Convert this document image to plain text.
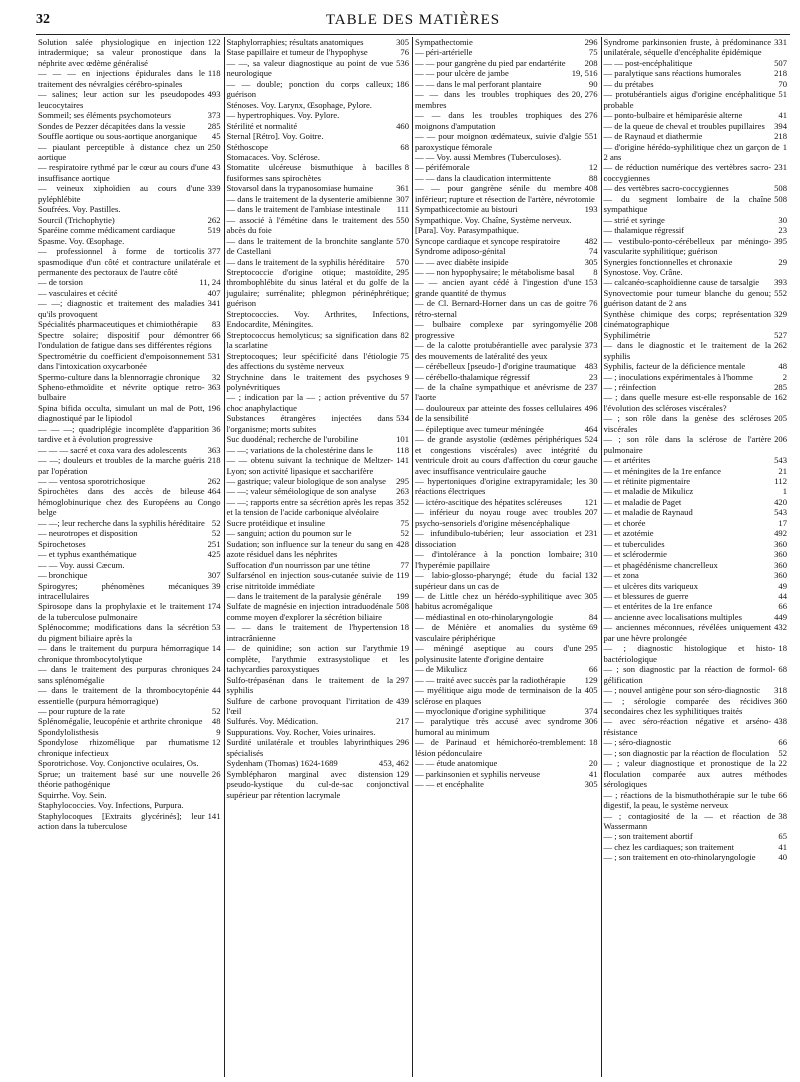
32	TABLE DES MATIÈRES
122
Solution salée physiologique en injection intradermique; sa valeur pronostique dans la néphrite avec œdème généralisé
118
— — — en injections épidurales dans le traitement des névralgies cérébro-spinales
493
— salines; leur action sur les pseudopodes leucocytaires
373
Sommeil; ses éléments psychomoteurs
285
Sondes de Pezzer décapitées dans la vessie
45
Souffle aortique ou sous-aortique anorganique
250
— piaulant perceptible à distance chez un aortique
43
— respiratoire rythmé par le cœur au cours d'une insuffisance aortique
339
— veineux xiphoïdien au cours d'une pyléphlébite
Soufrées. Voy. Pastilles.
262
Sourcil (Trichophytie)
519
Sparéine comme médicament cardiaque
Spasme. Voy. Œsophage.
377
— professionnel à forme de torticolis spasmodique d'un côté et contracture unilatérale et permanente des pectoraux de l'autre côté
11, 24
— de torsion
407
— vasculaires et cécité
341
— —; diagnostic et traitement des maladies qu'ils provoquent
83
Spécialités pharmaceutiques et chimiothérapie
66
Spectre solaire; dispositif pour démontrer l'ondulation de fatigue dans ses différentes régions
531
Spectrométrie du coefficient d'empoisonnement dans l'intoxication oxycarbonée
32
Spermo-culture dans la blennorragie chronique
363
Spheno-ethmoïdite et névrite optique retro-bulbaire
196
Spina bifida occulta, simulant un mal de Pott, diagnostiqué par le lipiodol
36
— — —; quadriplégie incomplète d'apparition tardive et à évolution progressive
363
— — — sacré et coxa vara des adolescents
218
— —; douleurs et troubles de la marche guéris par l'opération
262
— — ventosa sporotrichosique
464
Spirochètes dans des accès de bileuse hémoglobinurique chez des Européens au Congo belge
52
— —; leur recherche dans la syphilis héréditaire
52
— neurotropes et disposition
251
Spirochetoses
425
— et typhus exanthématique
— — Voy. aussi Cæcum.
307
— bronchique
39
Spirogyres; phénomènes mécaniques intracellulaires
174
Spirosope dans la prophylaxie et le traitement de la tuberculose pulmonaire
53
Splénocomme; modifications dans la sécrétion du pigment biliaire après la
14
— dans le traitement du purpura hémorragique chronique thrombocytolytique
24
— dans le traitement des purpuras chroniques sans splénomégalie
44
— dans le traitement de la thrombocytopénie essentielle (purpura hémorragique)
52
— pour rupture de la rate
48
Splénomégalie, leucopénie et arthrite chronique
9
Spondylolisthesis
12
Spondylose rhizomélique par rhumatisme chronique infectieux
Sporotrichose. Voy. Conjonctive oculaires, Os.
26
Sprue; un traitement basé sur une nouvelle théorie pathogénique
Squirrhe. Voy. Sein.
Staphylococcies. Voy. Infections, Purpura.
141
Staphylocoques [Extraits glycérinés]; leur action dans la tuberculose
305
Staphylorraphies; résultats anatomiques
76
Stase papillaire et tumeur de l'hypophyse
536
— —, sa valeur diagnostique au point de vue neurologique
186
— — double; ponction du corps calleux; guérison
Sténoses. Voy. Larynx, Œsophage, Pylore.
— hypertrophiques. Voy. Pylore.
460
Stérilité et normalité
Sternal [Rétro]. Voy. Goitre.
68
Stéthoscope
Stomacaces. Voy. Sclérose.
8
Stomatite ulcéreuse bismuthique à bacilles fusiformes sans spirochètes
361
Stovarsol dans la trypanosomiase humaine
307
— dans le traitement de la dysenterie amibienne
111
— dans le traitement de l'ambiase intestinale
550
— associé à l'émétine dans le traitement des abcès du foie
570
— dans le traitement de la bronchite sanglante de Castellani
570
— dans le traitement de la syphilis héréditaire
295
Streptococcie d'origine otique; mastoïdite, thrombophlébite du sinus latéral et du golfe de la jugulaire; surrénalite; phlegmon périnéphrétique; guérison
Streptococcies. Voy. Arthrites, Infections, Endocardite, Méningites.
82
Streptococcus hemolyticus; sa signification dans la scarlatine
75
Streptocoques; leur spécificité dans l'étiologie des affections du système nerveux
9
Strychnine dans le traitement des psychoses polynévritiques
57
— ; indication par la — ; action préventive du choc anaphylactique
534
Substances étrangères injectées dans l'organisme; morts subites
101
Suc duodénal; recherche de l'urobiline
118
— —; variations de la cholestérine dans le
141
— — obtenu suivant la technique de Meltzer-Lyon; son activité lipasique et saccharifère
295
— gastrique; valeur biologique de son analyse
263
— —; valeur séméiologique de son analyse
352
— —; rapports entre sa sécrétion après les repas et la tension de l'acide carbonique alvéolaire
75
Sucre protéidique et insuline
52
— sanguin; action du poumon sur le
428
Sudation; son influence sur la teneur du sang en azote résiduel dans les néphrites
77
Suffocation d'un nourrisson par une tétine
119
Sulfarsénol en injection sous-cutanée suivie de crise nitritoïde immédiate
199
— dans le traitement de la paralysie générale
508
Sulfate de magnésie en injection intraduodénale comme moyen d'explorer la sécrétion biliaire
18
— — dans le traitement de l'hypertension intracrânienne
19
— de quinidine; son action sur l'arythmie complète, l'arythmie extrasystolique et les tachycardies paroxystiques
297
Sulfo-trépasénan dans le traitement de la syphilis
439
Sulfure de carbone provoquant l'irritation de l'œil
217
Sulfurés. Voy. Médication.
Suppurations. Voy. Rocher, Voies urinaires.
296
Surdité unilatérale et troubles labyrinthiques spécialisés
453, 462
Sydenham (Thomas) 1624-1689
129
Symblépharon marginal avec distension pseudo-kystique du cul-de-sac conjonctival supérieur par rétention lacrymale
296
Sympathectomie
75
— péri-artérielle
208
— — pour gangrène du pied par endartérite
19, 516
— — pour ulcère de jambe
90
— — dans le mal perforant plantaire
20, 276
— — dans les troubles trophiques des membres
276
— — dans les troubles trophiques des moignons d'amputation
551
— — pour moignon œdémateux, suivie d'algie paroxystique fémorale
— — Voy. aussi Membres (Tuberculoses).
12
— périfémorale
88
— — dans la claudication intermittente
408
— — pour gangrène sénile du membre inférieur; rupture et résection de l'artère, névrotomie
193
Sympathicectomie au bistouri
Sympathique. Voy. Chaîne, Système nerveux.
[Para]. Voy. Parasympathique.
482
Syncope cardiaque et syncope respiratoire
74
Syndrome adiposo-génital
305
— — avec diabète insipide
8
— — non hypophysaire; le métabolisme basal
153
— — ancien ayant cédé à l'ingestion d'une grande quantité de thymus
76
— de Cl. Bernard-Horner dans un cas de goitre rétro-sternal
208
— bulbaire complexe par syringomyélie progressive
373
— de la calotte protubérantielle avec paralysie des mouvements de latéralité des yeux
483
— cérébelleux [pseudo-] d'origine traumatique
23
— cérébello-thalamique régressif
237
— de la chaîne sympathique et anévrisme de l'aorte
496
— douloureux par atteinte des fosses cellulaires de la sensibilité
464
— épileptique avec tumeur méningée
524
— de grande asystolie (œdèmes périphériques et congestions viscérales) avec intégrité du ventricule droit au cours d'affection du cœur gauche avec insuffisance ventriculaire gauche
30
— hypertoniques d'origine extrapyramidale; les réactions électriques
121
— ictéro-ascitique des hépatites scléreuses
207
— inférieur du noyau rouge avec troubles psycho-sensoriels d'origine mésencéphalique
231
— infundibulo-tubérien; leur association et dissociation
310
— d'intolérance à la ponction lombaire; l'hyperémie papillaire
132
— labio-glosso-pharyngé; étude du facial supérieur dans un cas de
305
— de Little chez un hérédo-syphilitique avec habitus acromégalique
84
— médiastinal en oto-rhinolaryngologie
69
— de Ménière et anomalies du système vasculaire périphérique
295
— méningé aseptique au cours d'une polysinusite latente d'origine dentaire
66
— de Mikulicz
129
— — traité avec succès par la radiothérapie
405
— myélitique aigu mode de terminaison de la sclérose en plaques
374
— myoclonique d'origine syphilitique
306
— paralytique très accusé avec syndrome humoral au minimum
18
— de Parinaud et hémichoréo-tremblement: lésion pédonculaire
20
— — étude anatomique
41
— parkinsonien et syphilis nerveuse
305
— — et encéphalite
331
Syndrome parkinsonien fruste, à prédominance unilatérale, séquelle d'encéphalite épidémique
507
— — post-encéphalitique
218
— paralytique sans réactions humorales
70
— du prétabes
51
— protubérantiels aigus d'origine encéphalitique probable
41
— ponto-bulbaire et hémiparésie alterne
394
— de la queue de cheval et troubles pupillaires
218
— de Raynaud et diathermie
1
— d'origine hérédo-syphilitique chez un garçon de 2 ans
231
— de réduction numérique des vertèbres sacro-coccygiennes
508
— des vertèbres sacro-coccygiennes
508
— du segment lombaire de la chaîne sympathique
30
— strié et syringe
23
— thalamique régressif
395
— vestibulo-ponto-cérébelleux par méningo-vascularite syphilitique; guérison
29
Synergies fonctionnelles et chronaxie
Synostose. Voy. Crâne.
393
— calcanéo-scaphoïdienne cause de tarsalgie
552
Synovectomie pour tumeur blanche du genou; guérison datant de 2 ans
329
Synthèse chimique des corps; représentation cinématographique
527
Syphilimétrie
262
— dans le diagnostic et le traitement de la syphilis
48
Syphilis, facteur de la déficience mentale
2
— ; inoculations expérimentales à l'homme
285
— ; réinfection
162
— ; dans quelle mesure est-elle responsable de l'évolution des scléroses viscérales?
205
— ; son rôle dans la genèse des scléroses viscérales
206
— ; son rôle dans la sclérose de l'artère pulmonaire
543
— et artérites
21
— et méningites de la 1re enfance
112
— et rétinite pigmentaire
1
— et maladie de Mikulicz
420
— et maladie de Paget
543
— et maladie de Raynaud
17
— et chorée
492
— et azotémie
360
— et tuberculides
360
— et sclérodermie
360
— et phagédénisme chancrelleux
360
— et zona
49
— et ulcères dits variqueux
44
— et blessures de guerre
66
— et entérites de la 1re enfance
449
— ancienne avec localisations multiples
432
— anciennes méconnues, révélées uniquement par une hèvre prolongée
18
— ; diagnostic histologique et histo-bactériologique
68
— ; son diagnostic par la réaction de formol-gélification
318
— ; nouvel antigène pour son séro-diagnostic
360
— ; sérologie comparée des récidives secondaires chez les syphilitiques traités
438
— avec séro-réaction négative et arséno-résistance
66
— ; séro-diagnostic
52
— ; son diagnostic par la réaction de floculation
22
— ; valeur diagnostique et pronostique de la floculation comparée aux autres méthodes sérologiques
66
— ; réactions de la bismuthothérapie sur le tube digestif, la peau, le système nerveux
38
— ; contagiosité de la — et réaction de Wassermann
65
— ; son traitement abortif
41
— chez les cardiaques; son traitement
40
— ; son traitement en oto-rhinolaryngologie
